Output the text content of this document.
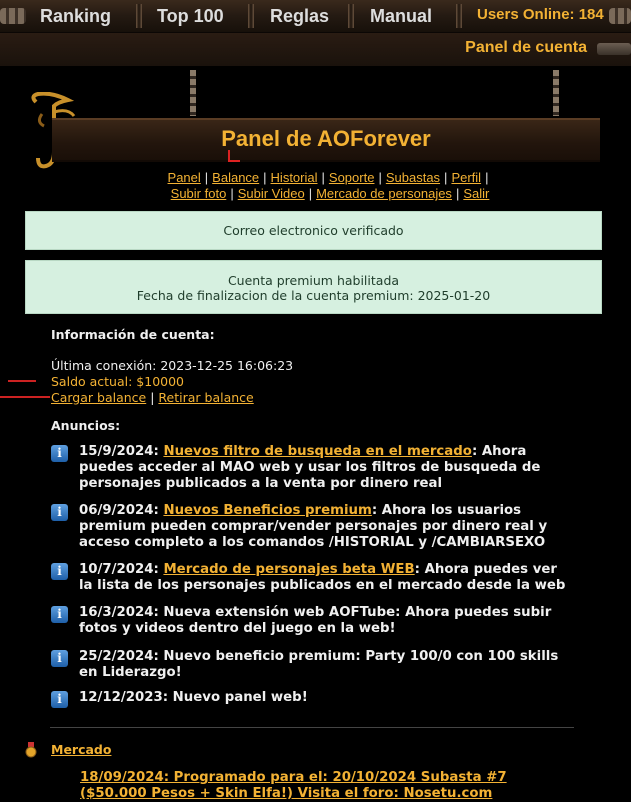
Ranking	Top 100	Reglas Manual	Users Online: 184
Panel de cuenta
Panel de AOForever
Panel | Balance | Historial | Soporte | Subastas | Perfil |
Subir foto | Subir Video | Mercado de personajes | Salir
Correo electronico verificado
Cuenta premium habilitada
Fecha de finalizacion de la cuenta premium: 2025-01-20
Información de cuenta:
Última conexión: 2023-12-25 16:06:23
Saldo actual: $10000
Cargar balance | Retirar balance
Anuncios:
i	15/9/2024: Nuevos filtro de busqueda en el mercado: Ahora
puedes acceder al MAO web y usar los filtros de busqueda de
personajes publicados a la venta por dinero real
i	06/9/2024: Nuevos Beneficios premium: Ahora los usuarios
premium pueden comprar/vender personajes por dinero real y
acceso completo a los comandos /HISTORIAL y /CAMBIARSEXO
i	10/7/2024: Mercado de personajes beta WEB: Ahora puedes ver
la lista de los personajes publicados en el mercado desde la web
i	16/3/2024: Nueva extensión web AOFTube: Ahora puedes subir
fotos y videos dentro del juego en la web!
i	25/2/2024: Nuevo beneficio premium: Party 100/0 con 100 skills
en Liderazgo!
i	12/12/2023: Nuevo panel web!
Mercado
18/09/2024: Programado para el: 20/10/2024 Subasta #7
($50.000 Pesos + Skin Elfa!) Visita el foro: Nosetu.com
